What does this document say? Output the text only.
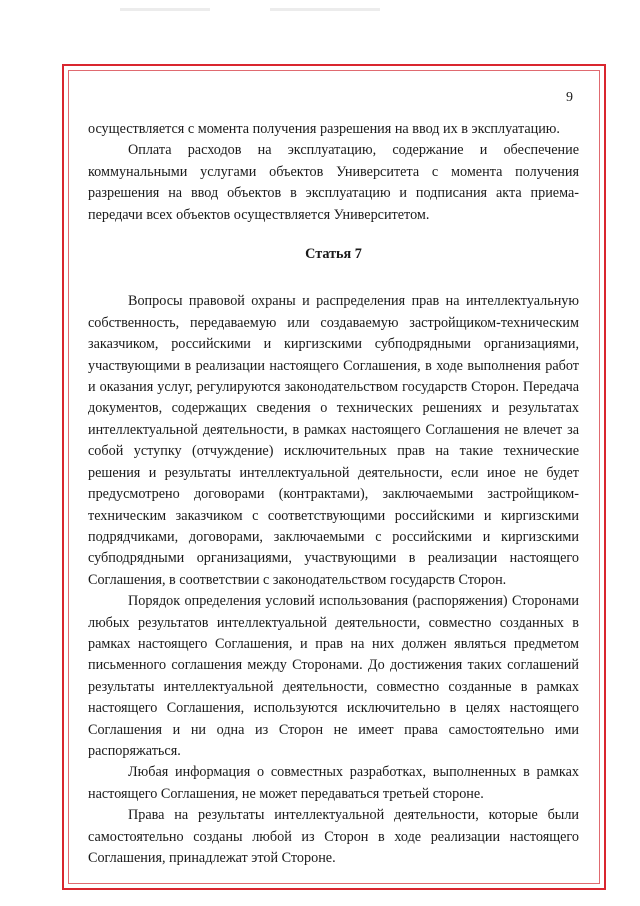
9

осуществляется с момента получения разрешения на ввод их в эксплуатацию.

Оплата расходов на эксплуатацию, содержание и обеспечение коммунальными услугами объектов Университета с момента получения разрешения на ввод объектов в эксплуатацию и подписания акта приема-передачи всех объектов осуществляется Университетом.

Статья 7

Вопросы правовой охраны и распределения прав на интеллектуальную собственность, передаваемую или создаваемую застройщиком-техническим заказчиком, российскими и киргизскими субподрядными организациями, участвующими в реализации настоящего Соглашения, в ходе выполнения работ и оказания услуг, регулируются законодательством государств Сторон. Передача документов, содержащих сведения о технических решениях и результатах интеллектуальной деятельности, в рамках настоящего Соглашения не влечет за собой уступку (отчуждение) исключительных прав на такие технические решения и результаты интеллектуальной деятельности, если иное не будет предусмотрено договорами (контрактами), заключаемыми застройщиком-техническим заказчиком с соответствующими российскими и киргизскими подрядчиками, договорами, заключаемыми с российскими и киргизскими субподрядными организациями, участвующими в реализации настоящего Соглашения, в соответствии с законодательством государств Сторон.

Порядок определения условий использования (распоряжения) Сторонами любых результатов интеллектуальной деятельности, совместно созданных в рамках настоящего Соглашения, и прав на них должен являться предметом письменного соглашения между Сторонами. До достижения таких соглашений результаты интеллектуальной деятельности, совместно созданные в рамках настоящего Соглашения, используются исключительно в целях настоящего Соглашения и ни одна из Сторон не имеет права самостоятельно ими распоряжаться.

Любая информация о совместных разработках, выполненных в рамках настоящего Соглашения, не может передаваться третьей стороне.

Права на результаты интеллектуальной деятельности, которые были самостоятельно созданы любой из Сторон в ходе реализации настоящего Соглашения, принадлежат этой Стороне.
